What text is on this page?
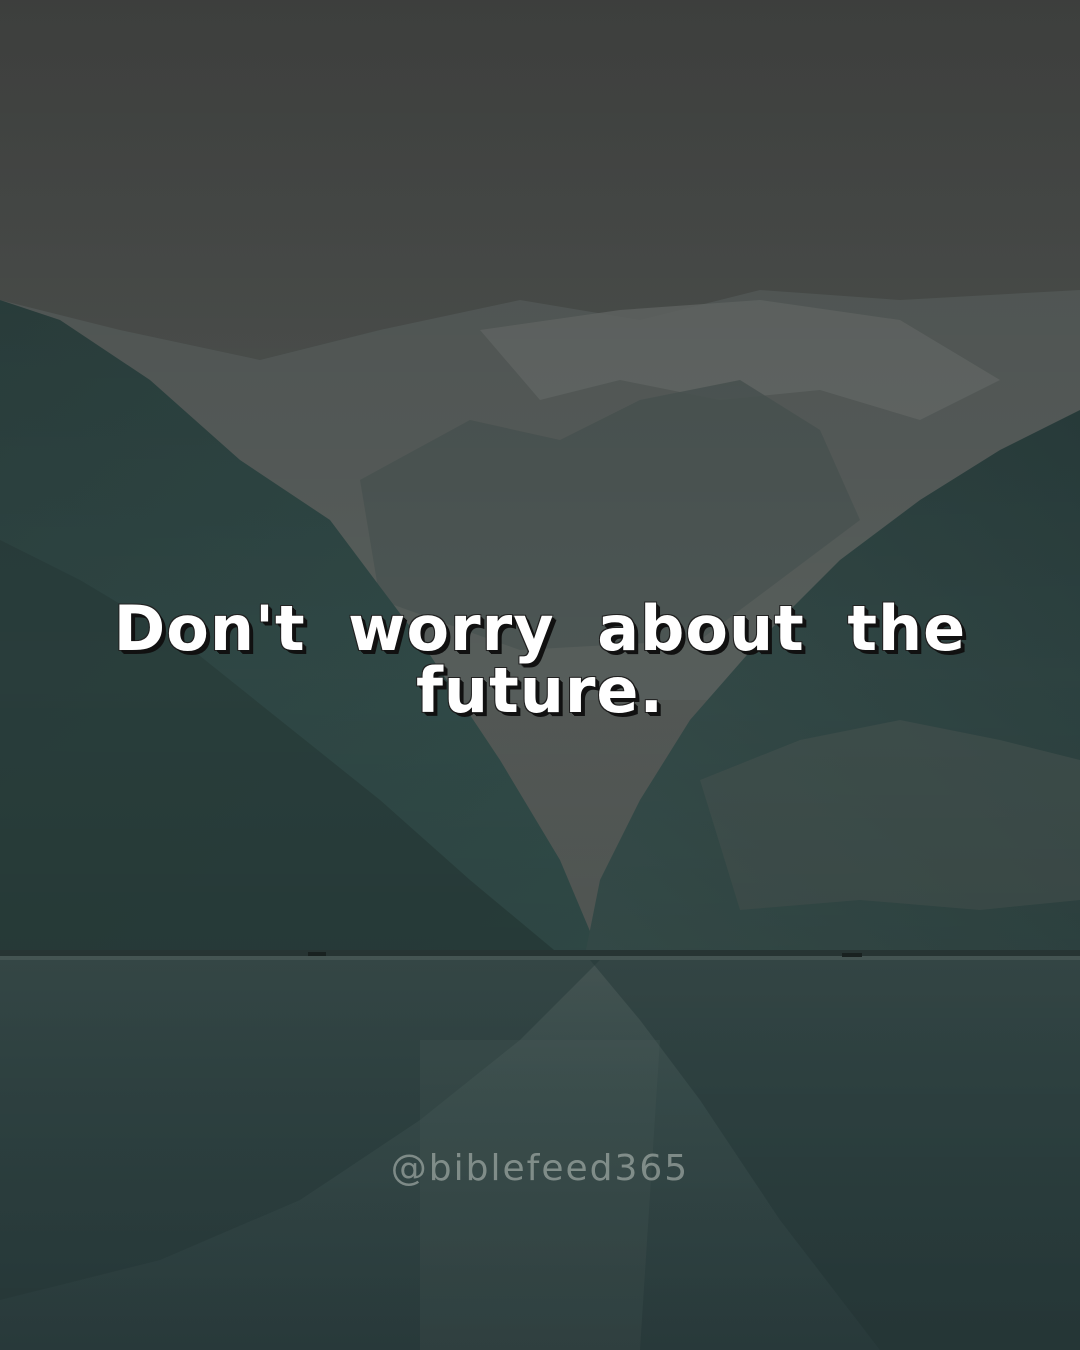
Don't worry about the future.

@biblefeed365
